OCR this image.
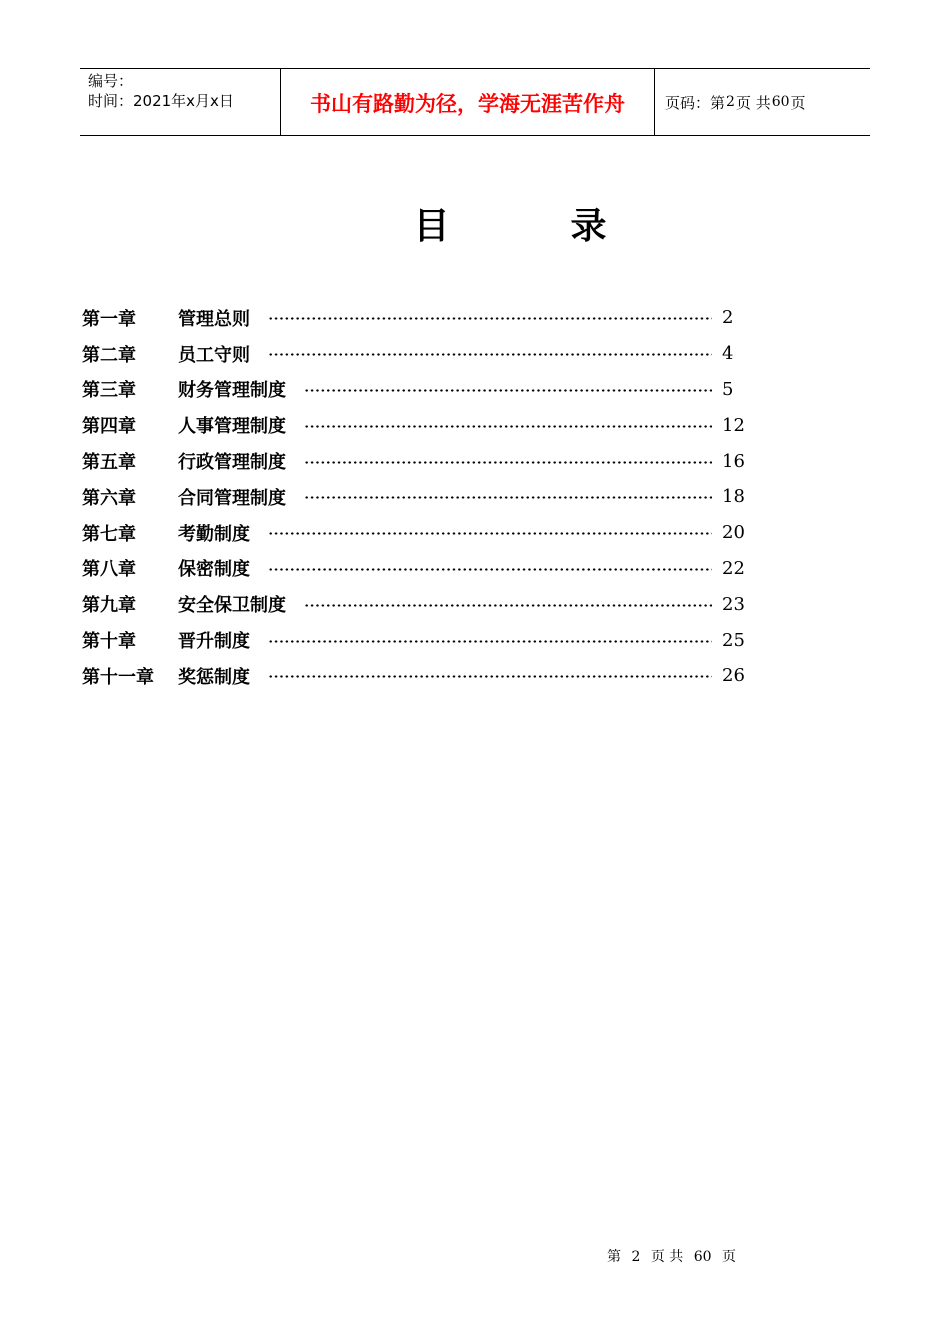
编号：
时间：2021年x月x日	书山有路勤为径，学海无涯苦作舟	页码：第 2 页 共 60 页
目	录
第一章	管理总则	2
第二章	员工守则	4
第三章	财务管理制度	5
第四章	人事管理制度	12
第五章	行政管理制度	16
第六章	合同管理制度	18
第七章	考勤制度	20
第八章	保密制度	22
第九章	安全保卫制度	23
第十章	晋升制度	25
第十一章	奖惩制度	26
第 2 页 共 60 页
